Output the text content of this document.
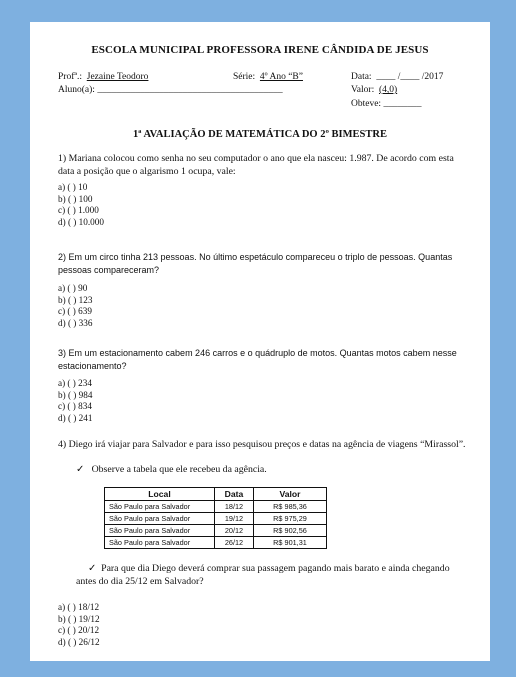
ESCOLA MUNICIPAL PROFESSORA IRENE CÂNDIDA DE JESUS
Profª.: Jezaine Teodoro	Série: 4º Ano “B”	Data: ____ /____ /2017
Aluno(a): _______________________________________	Valor: (4,0)
Obteve: ________
1ª AVALIAÇÃO DE MATEMÁTICA DO 2º BIMESTRE
1) Mariana colocou como senha no seu computador o ano que ela nasceu: 1.987. De acordo com esta data a posição que o algarismo 1 ocupa, vale:
a) ( ) 10
b) ( ) 100
c) ( ) 1.000
d) ( ) 10.000
2) Em um circo tinha 213 pessoas. No último espetáculo compareceu o triplo de pessoas. Quantas pessoas compareceram?
a) ( ) 90
b) ( ) 123
c) ( ) 639
d) ( ) 336
3) Em um estacionamento cabem 246 carros e o quádruplo de motos. Quantas motos cabem nesse estacionamento?
a) ( ) 234
b) ( ) 984
c) ( ) 834
d) ( ) 241
4) Diego irá viajar para Salvador e para isso pesquisou preços e datas na agência de viagens “Mirassol”.
✓ Observe a tabela que ele recebeu da agência.
Local	Data	Valor
São Paulo para Salvador	18/12	R$ 985,36
São Paulo para Salvador	19/12	R$ 975,29
São Paulo para Salvador	20/12	R$ 902,56
São Paulo para Salvador	26/12	R$ 901,31
✓ Para que dia Diego deverá comprar sua passagem pagando mais barato e ainda chegando antes do dia 25/12 em Salvador?
a) ( ) 18/12
b) ( ) 19/12
c) ( ) 20/12
d) ( ) 26/12
